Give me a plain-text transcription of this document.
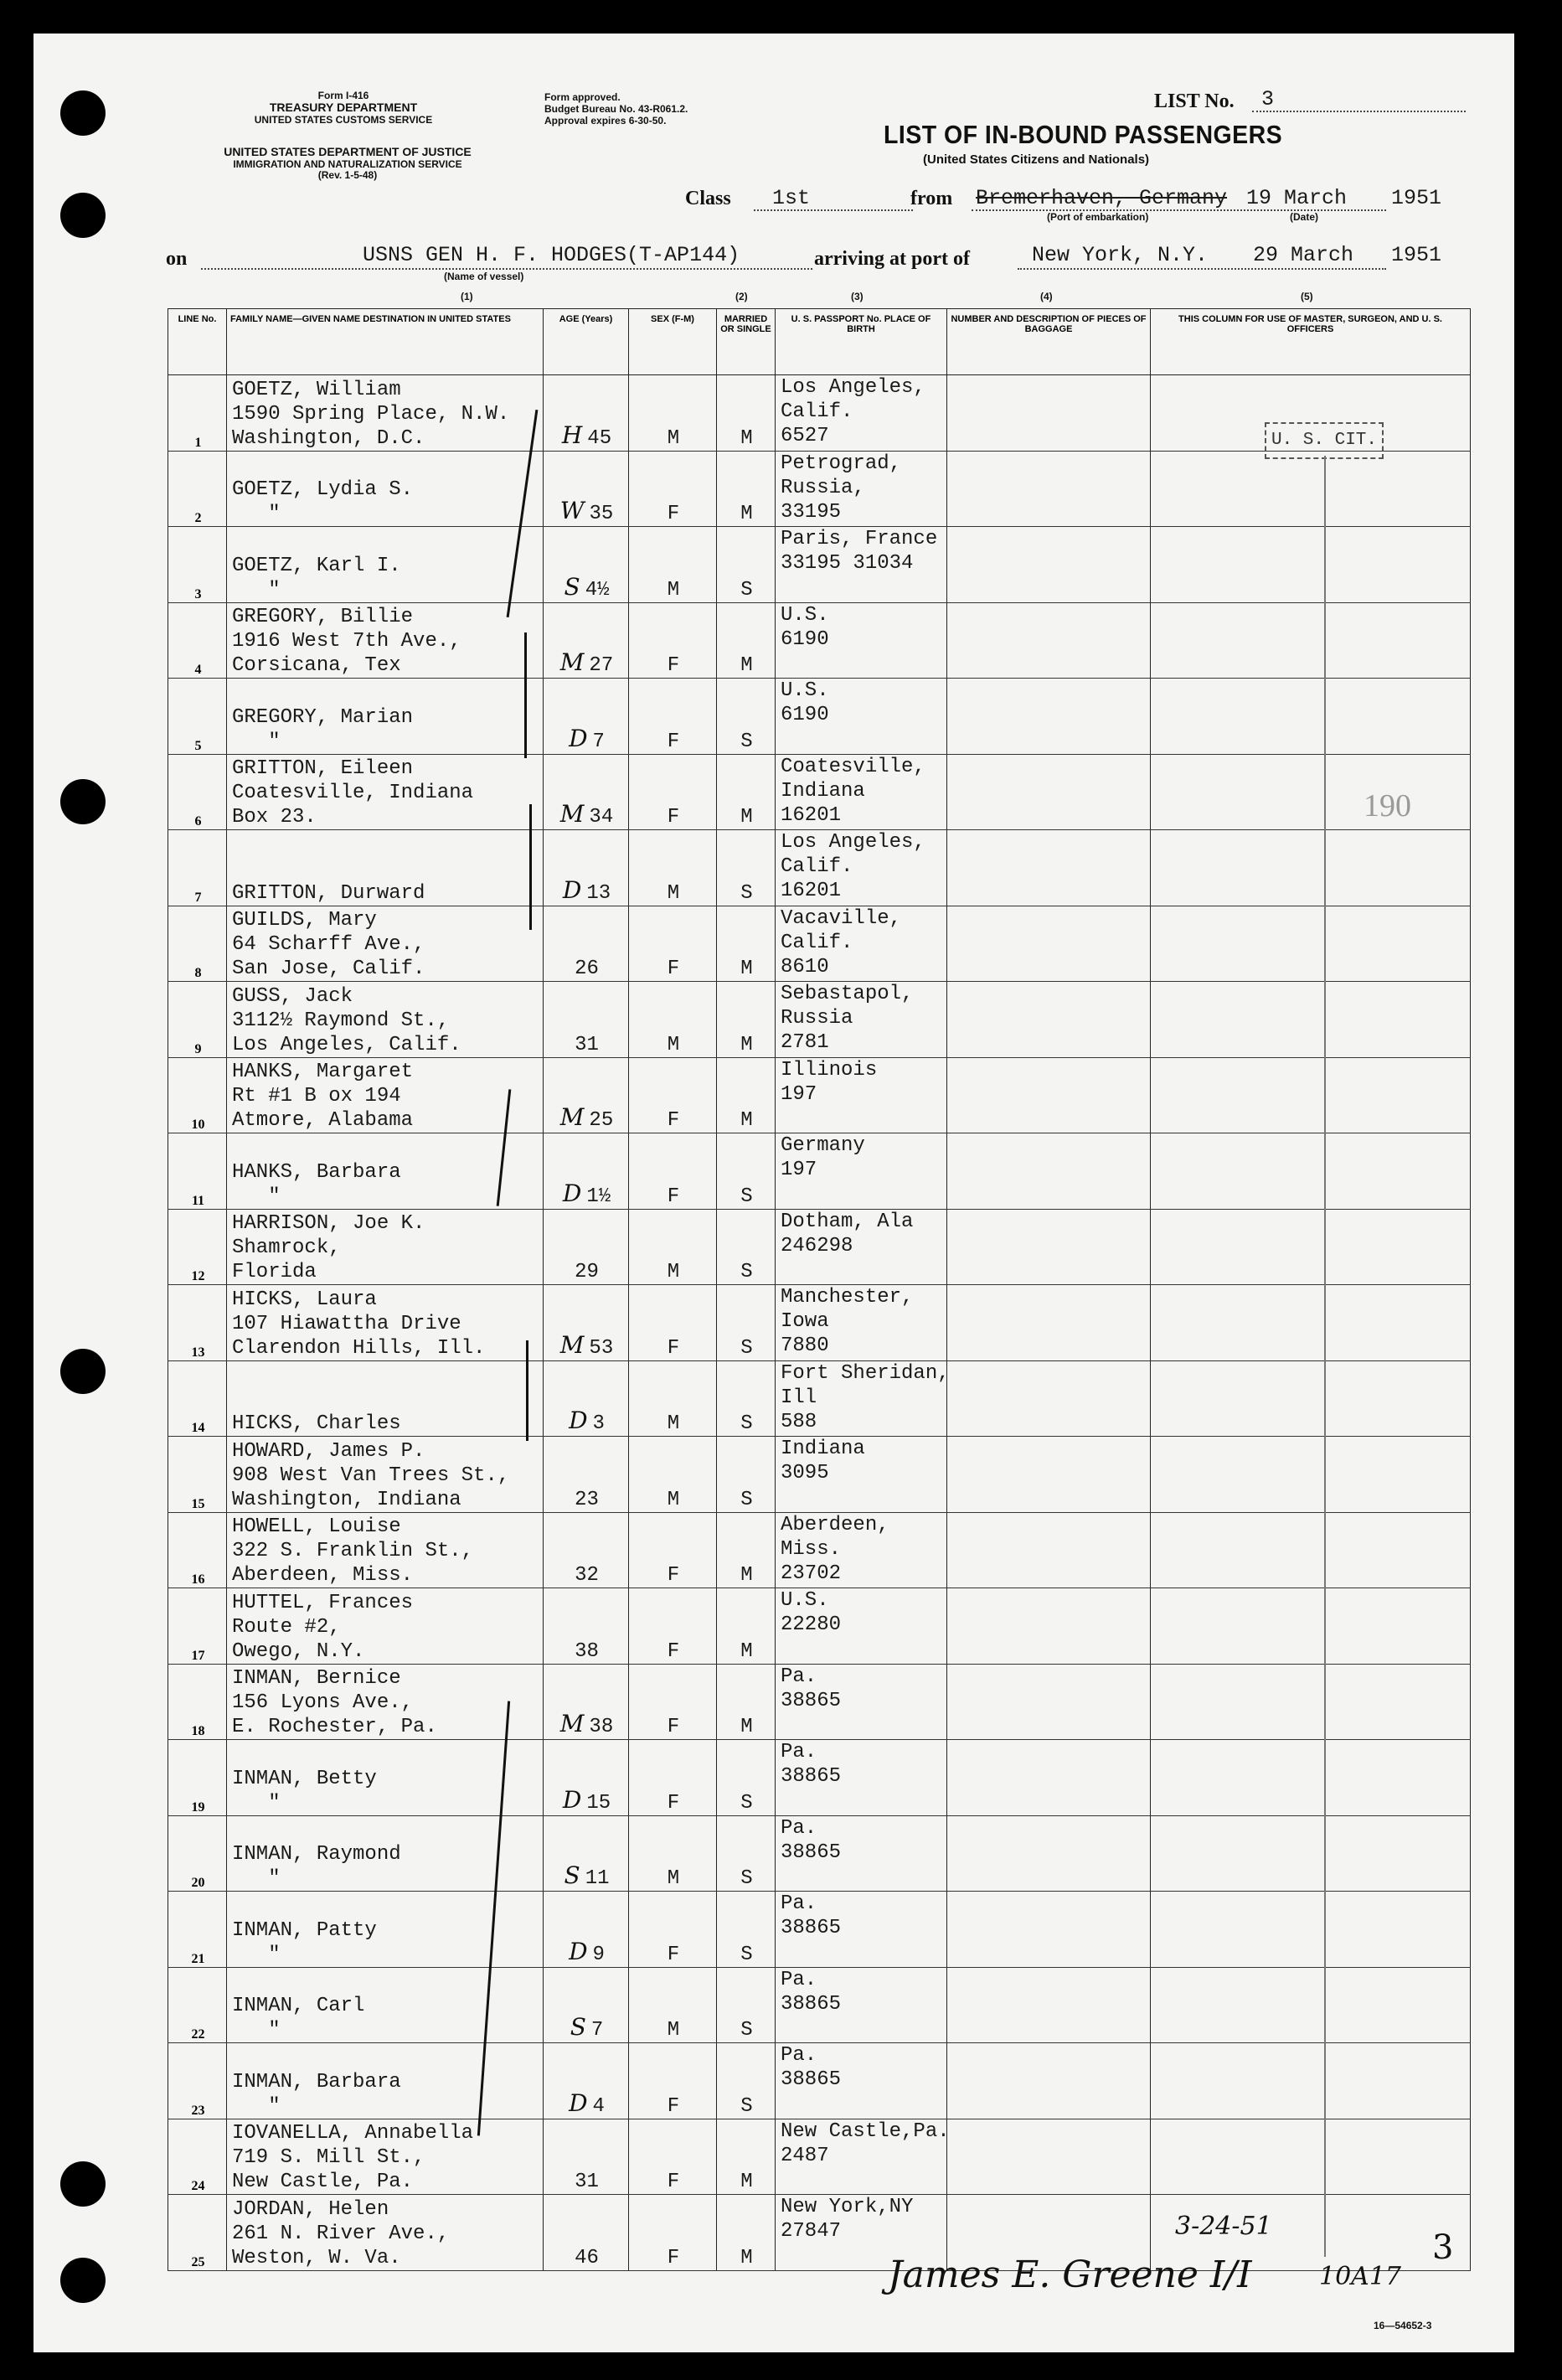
Form I-416
TREASURY DEPARTMENT
UNITED STATES CUSTOMS SERVICE
UNITED STATES DEPARTMENT OF JUSTICE
IMMIGRATION AND NATURALIZATION SERVICE
(Rev. 1-5-48)
Form approved.
Budget Bureau No. 43-R061.2.
Approval expires 6-30-50.
LIST No. 3
LIST OF IN-BOUND PASSENGERS
(United States Citizens and Nationals)
Class 1st	from Bremerhaven, Germany 19 March 1951
(Port of embarkation)	(Date)
on	USNS GEN H. F. HODGES(T-AP144)
(Name of vessel)
arriving at port of	New York, N.Y. 29 March 1951
(1)	(2)	(3)	(4)	(5)
LINE No.	FAMILY NAME—GIVEN NAME DESTINATION IN UNITED STATES	AGE (Years)	SEX (F-M)	MARRIED OR SINGLE	U. S. PASSPORT No. PLACE OF BIRTH	NUMBER AND DESCRIPTION OF PIECES OF BAGGAGE	THIS COLUMN FOR USE OF MASTER, SURGEON, AND U. S. OFFICERS
1	GOETZ, William
1590 Spring Place, N.W.
Washington, D.C.	H 45	M	M	Los Angeles,
Calif.
6527		
2	GOETZ, Lydia S.
"	W 35	F	M	Petrograd,
Russia,
33195		
3	GOETZ, Karl I.
"	S 4½	M	S	Paris, France
33195 31034		
4	GREGORY, Billie
1916 West 7th Ave.,
Corsicana, Tex	M 27	F	M	U.S.
6190		
5	GREGORY, Marian
"	D 7	F	S	U.S.
6190		
6	GRITTON, Eileen
Coatesville, Indiana
Box 23.	M 34	F	M	Coatesville,
Indiana
16201		
7	GRITTON, Durward	D 13	M	S	Los Angeles,
Calif.
16201		
8	GUILDS, Mary
64 Scharff Ave.,
San Jose, Calif.	26	F	M	Vacaville,
Calif.
8610		
9	GUSS, Jack
3112½ Raymond St.,
Los Angeles, Calif.	31	M	M	Sebastapol,
Russia
2781		
10	HANKS, Margaret
Rt #1 B ox 194
Atmore, Alabama	M 25	F	M	Illinois
197		
11	HANKS, Barbara
"	D 1½	F	S	Germany
197		
12	HARRISON, Joe K.
Shamrock,
Florida	29	M	S	Dotham, Ala
246298		
13	HICKS, Laura
107 Hiawattha Drive
Clarendon Hills, Ill.	M 53	F	S	Manchester,
Iowa
7880		
14	HICKS, Charles	D 3	M	S	Fort Sheridan,
Ill
588		
15	HOWARD, James P.
908 West Van Trees St.,
Washington, Indiana	23	M	S	Indiana
3095		
16	HOWELL, Louise
322 S. Franklin St.,
Aberdeen, Miss.	32	F	M	Aberdeen,
Miss.
23702		
17	HUTTEL, Frances
Route #2,
Owego, N.Y.	38	F	M	U.S.
22280		
18	INMAN, Bernice
156 Lyons Ave.,
E. Rochester, Pa.	M 38	F	M	Pa.
38865		
19	INMAN, Betty
"	D 15	F	S	Pa.
38865		
20	INMAN, Raymond
"	S 11	M	S	Pa.
38865		
21	INMAN, Patty
"	D 9	F	S	Pa.
38865		
22	INMAN, Carl
"	S 7	M	S	Pa.
38865		
23	INMAN, Barbara
"	D 4	F	S	Pa.
38865		
24	IOVANELLA, Annabella
719 S. Mill St.,
New Castle, Pa.	31	F	M	New Castle,Pa.
2487		
25	JORDAN, Helen
261 N. River Ave.,
Weston, W. Va.	46	F	M	New York,NY
27847		
U. S. CIT.
190
3-24-51
James E. Greene I/I	10A17
3
16—54652-3
